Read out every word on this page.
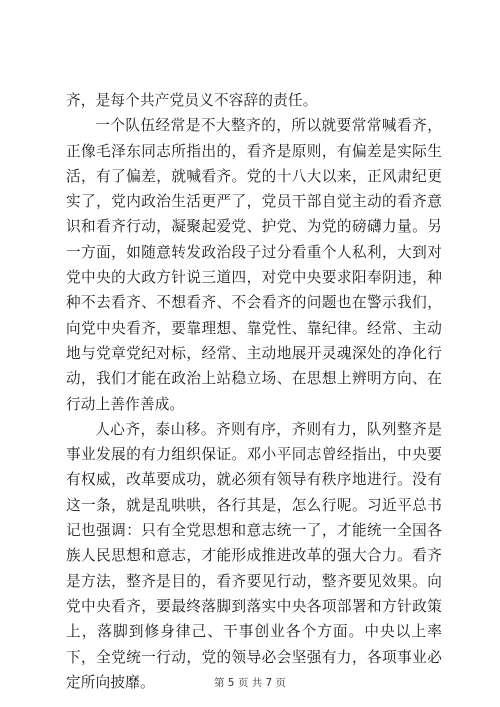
齐，是每个共产党员义不容辞的责任。

一个队伍经常是不大整齐的，所以就要常常喊看齐，正像毛泽东同志所指出的，看齐是原则，有偏差是实际生活，有了偏差，就喊看齐。党的十八大以来，正风肃纪更实了，党内政治生活更严了，党员干部自觉主动的看齐意识和看齐行动，凝聚起爱党、护党、为党的磅礴力量。另一方面，如随意转发政治段子过分看重个人私利，大到对党中央的大政方针说三道四，对党中央要求阳奉阴违，种种不去看齐、不想看齐、不会看齐的问题也在警示我们，向党中央看齐，要靠理想、靠党性、靠纪律。经常、主动地与党章党纪对标，经常、主动地展开灵魂深处的净化行动，我们才能在政治上站稳立场、在思想上辨明方向、在行动上善作善成。

人心齐，泰山移。齐则有序，齐则有力，队列整齐是事业发展的有力组织保证。邓小平同志曾经指出，中央要有权威，改革要成功，就必须有领导有秩序地进行。没有这一条，就是乱哄哄，各行其是，怎么行呢。习近平总书记也强调：只有全党思想和意志统一了，才能统一全国各族人民思想和意志，才能形成推进改革的强大合力。看齐是方法，整齐是目的，看齐要见行动，整齐要见效果。向党中央看齐，要最终落脚到落实中央各项部署和方针政策上，落脚到修身律己、干事创业各个方面。中央以上率下，全党统一行动，党的领导必会坚强有力，各项事业必定所向披靡。	第 5 页 共 7 页
